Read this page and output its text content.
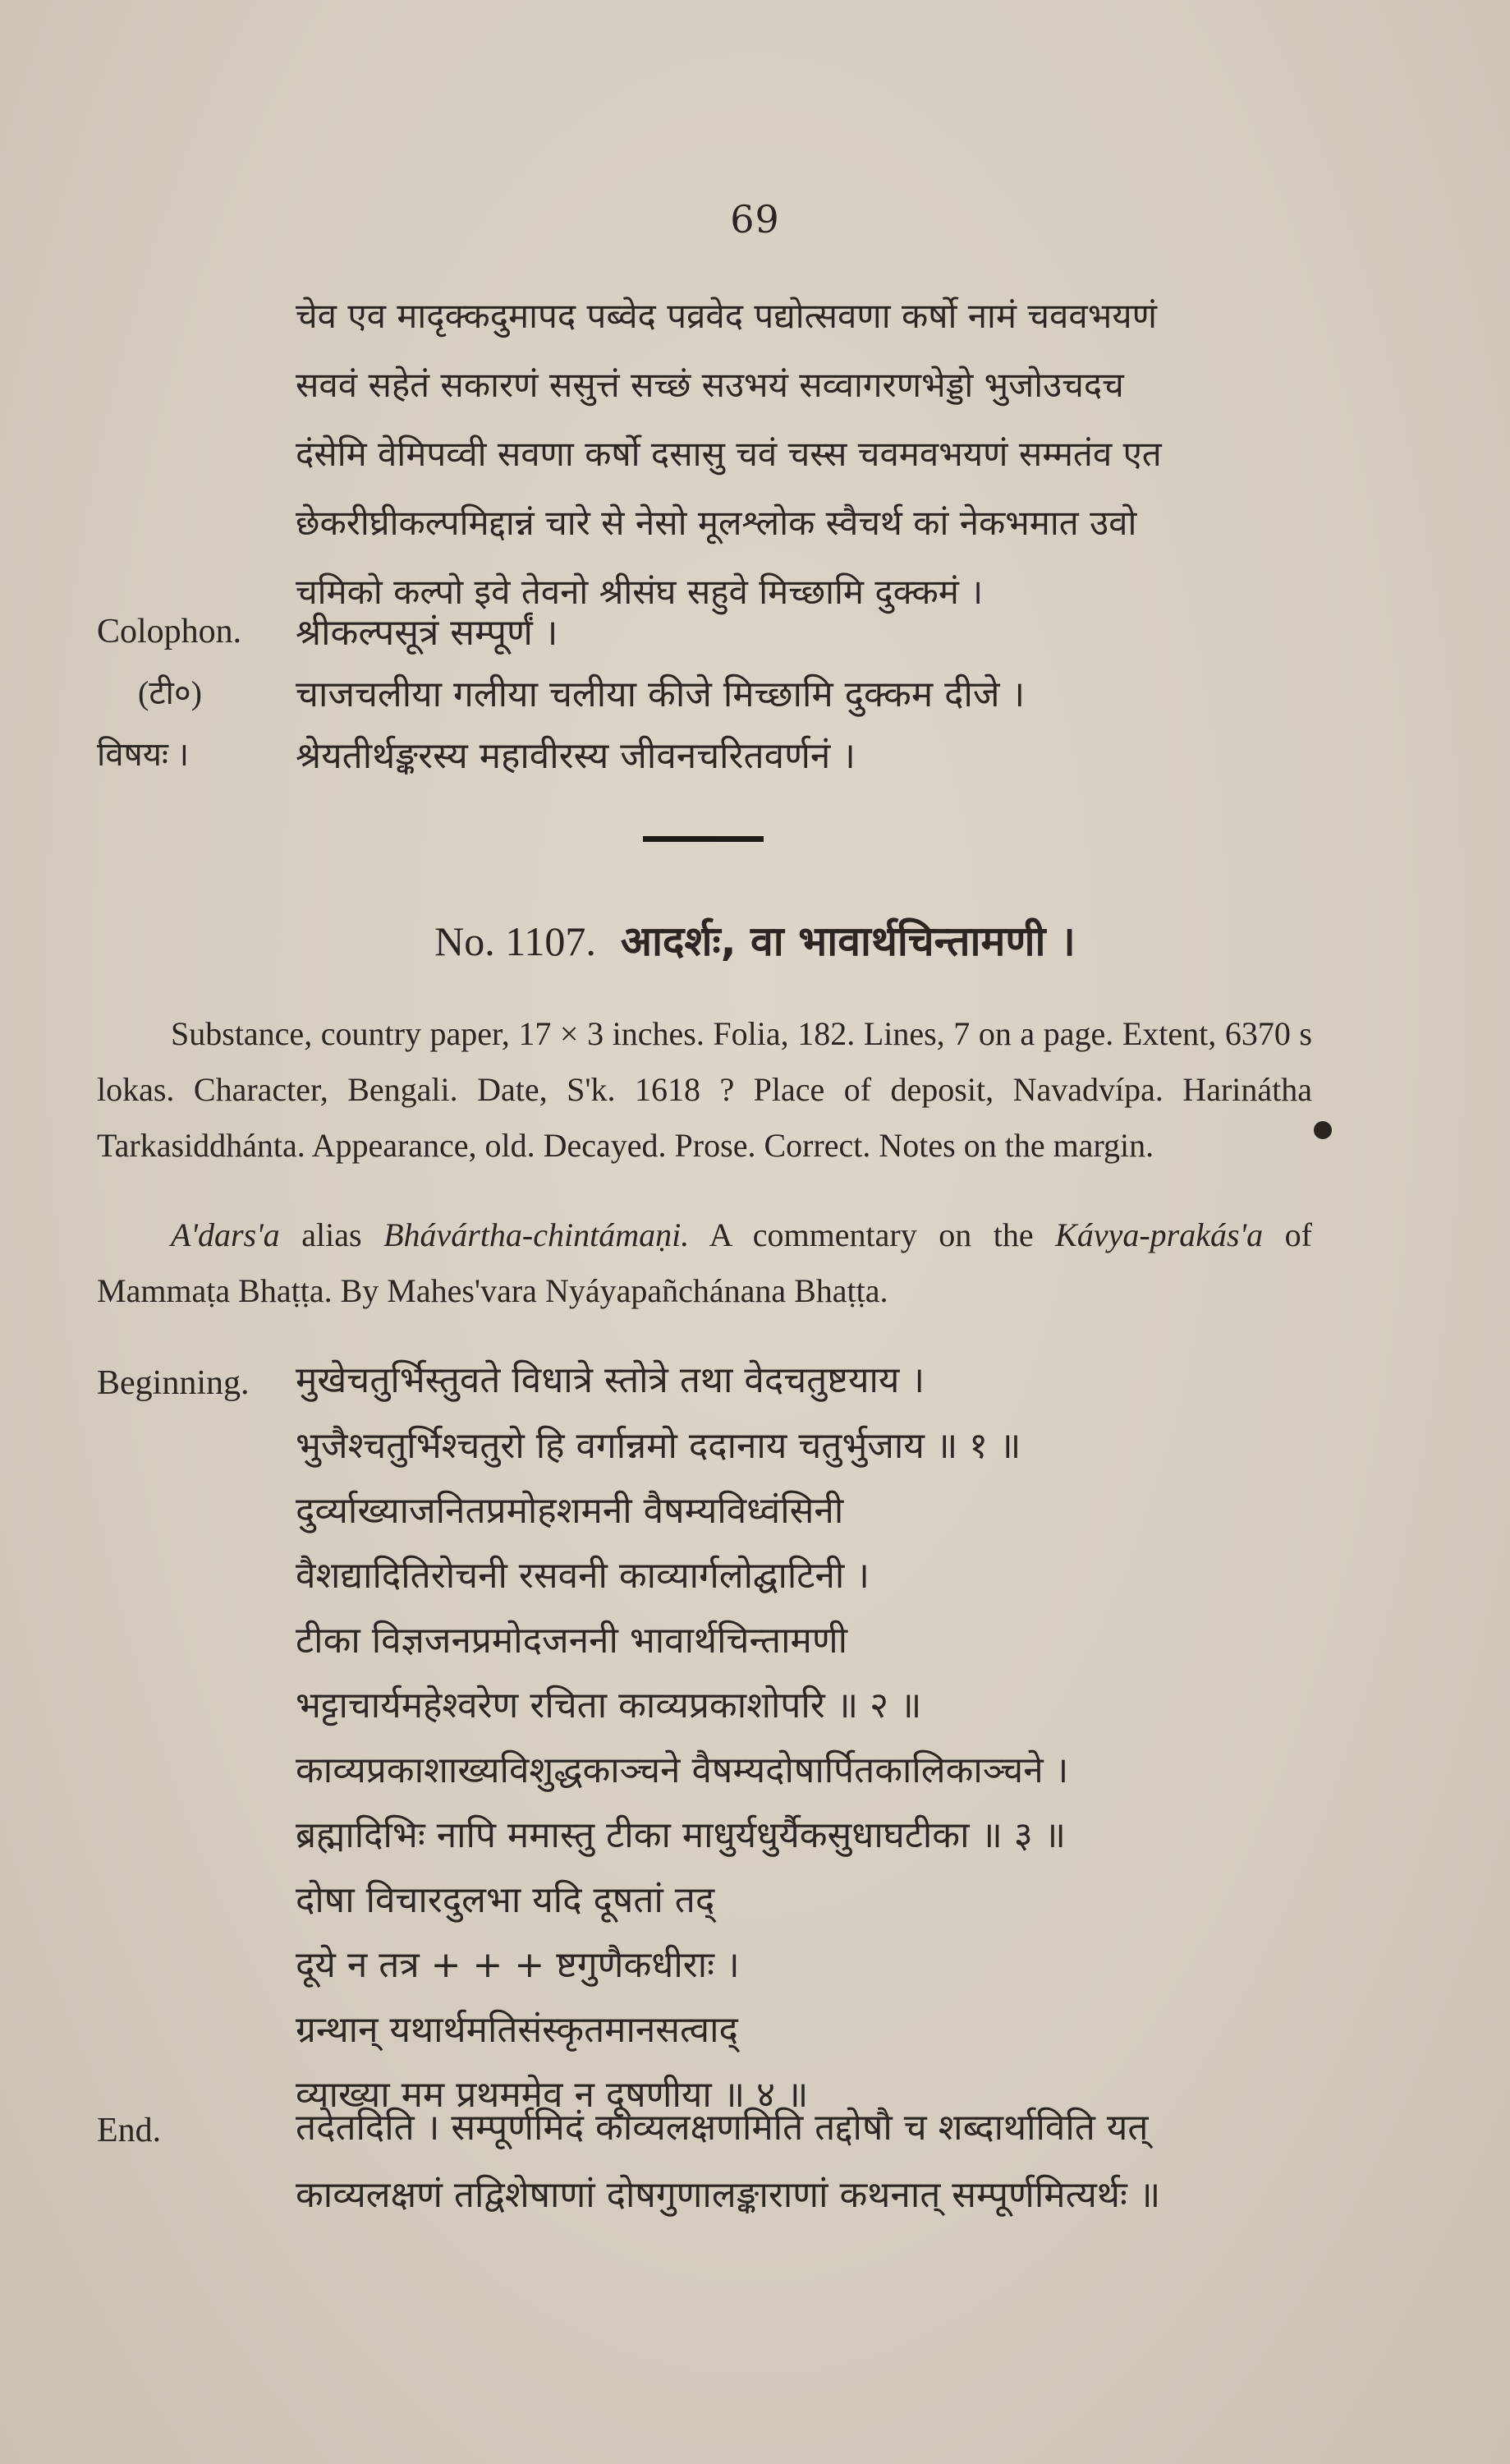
69
चेव एव मादृक्कदुमापद पब्वेद पव्रवेद पद्योत्सवणा कर्षो नामं चववभयणं
सववं सहेतं सकारणं ससुत्तं सच्छं सउभयं सव्वागरणभेड्डो भुजोउचदच
दंसेमि वेमिपव्वी सवणा कर्षो दसासु चवं चस्स चवमवभयणं सम्मतंव एत
छेकरीघ्रीकल्पमिद्दान्नं चारे से नेसो मूलश्लोक स्वैचर्थ कां नेकभमात उवो
चमिको कल्पो इवे तेवनो श्रीसंघ सहुवे मिच्छामि दुक्कमं ।
Colophon. श्रीकल्पसूत्रं सम्पूर्णं ।
(टी०)	चाजचलीया गलीया चलीया कीजे मिच्छामि दुक्कम दीजे ।
विषयः ।	श्रेयतीर्थङ्करस्य महावीरस्य जीवनचरितवर्णनं ।
No. 1107. आदर्शः, वा भावार्थचिन्तामणी ।
Substance, country paper, 17 × 3 inches. Folia, 182. Lines, 7 on a page. Extent, 6370 s lokas. Character, Bengali. Date, S'k. 1618 ? Place of deposit, Navadvípa. Harinátha Tarkasiddhánta. Appearance, old. Decayed. Prose. Correct. Notes on the margin.
A'dars'a alias Bhávártha-chintámaṇi. A commentary on the Kávya-prakás'a of Mammaṭa Bhaṭṭa. By Mahes'vara Nyáyapañchánana Bhaṭṭa.
Beginning. मुखेचतुर्भिस्तुवते विधात्रे स्तोत्रे तथा वेदचतुष्टयाय ।
भुजैश्चतुर्भिश्चतुरो हि वर्गान्नमो ददानाय चतुर्भुजाय ॥ १ ॥
दुर्व्याख्याजनितप्रमोहशमनी वैषम्यविध्वंसिनी
वैशद्यादितिरोचनी रसवनी काव्यार्गलोद्घाटिनी ।
टीका विज्ञजनप्रमोदजननी भावार्थचिन्तामणी
भट्टाचार्यमहेश्वरेण रचिता काव्यप्रकाशोपरि ॥ २ ॥
काव्यप्रकाशाख्यविशुद्धकाञ्चने वैषम्यदोषार्पितकालिकाञ्चने ।
ब्रह्मादिभिः नापि ममास्तु टीका माधुर्यधुर्यैकसुधाघटीका ॥ ३ ॥
दोषा विचारदुलभा यदि दूषतां तद्
दूये न तत्र + + + ष्टगुणैकधीराः ।
ग्रन्थान् यथार्थमतिसंस्कृतमानसत्वाद्
व्याख्या मम प्रथममेव न दूषणीया ॥ ४ ॥
End.	तदेतदिति । सम्पूर्णमिदं काव्यलक्षणमिति तद्दोषौ च शब्दार्थाविति यत्
काव्यलक्षणं तद्विशेषाणां दोषगुणालङ्काराणां कथनात् सम्पूर्णमित्यर्थः ॥
